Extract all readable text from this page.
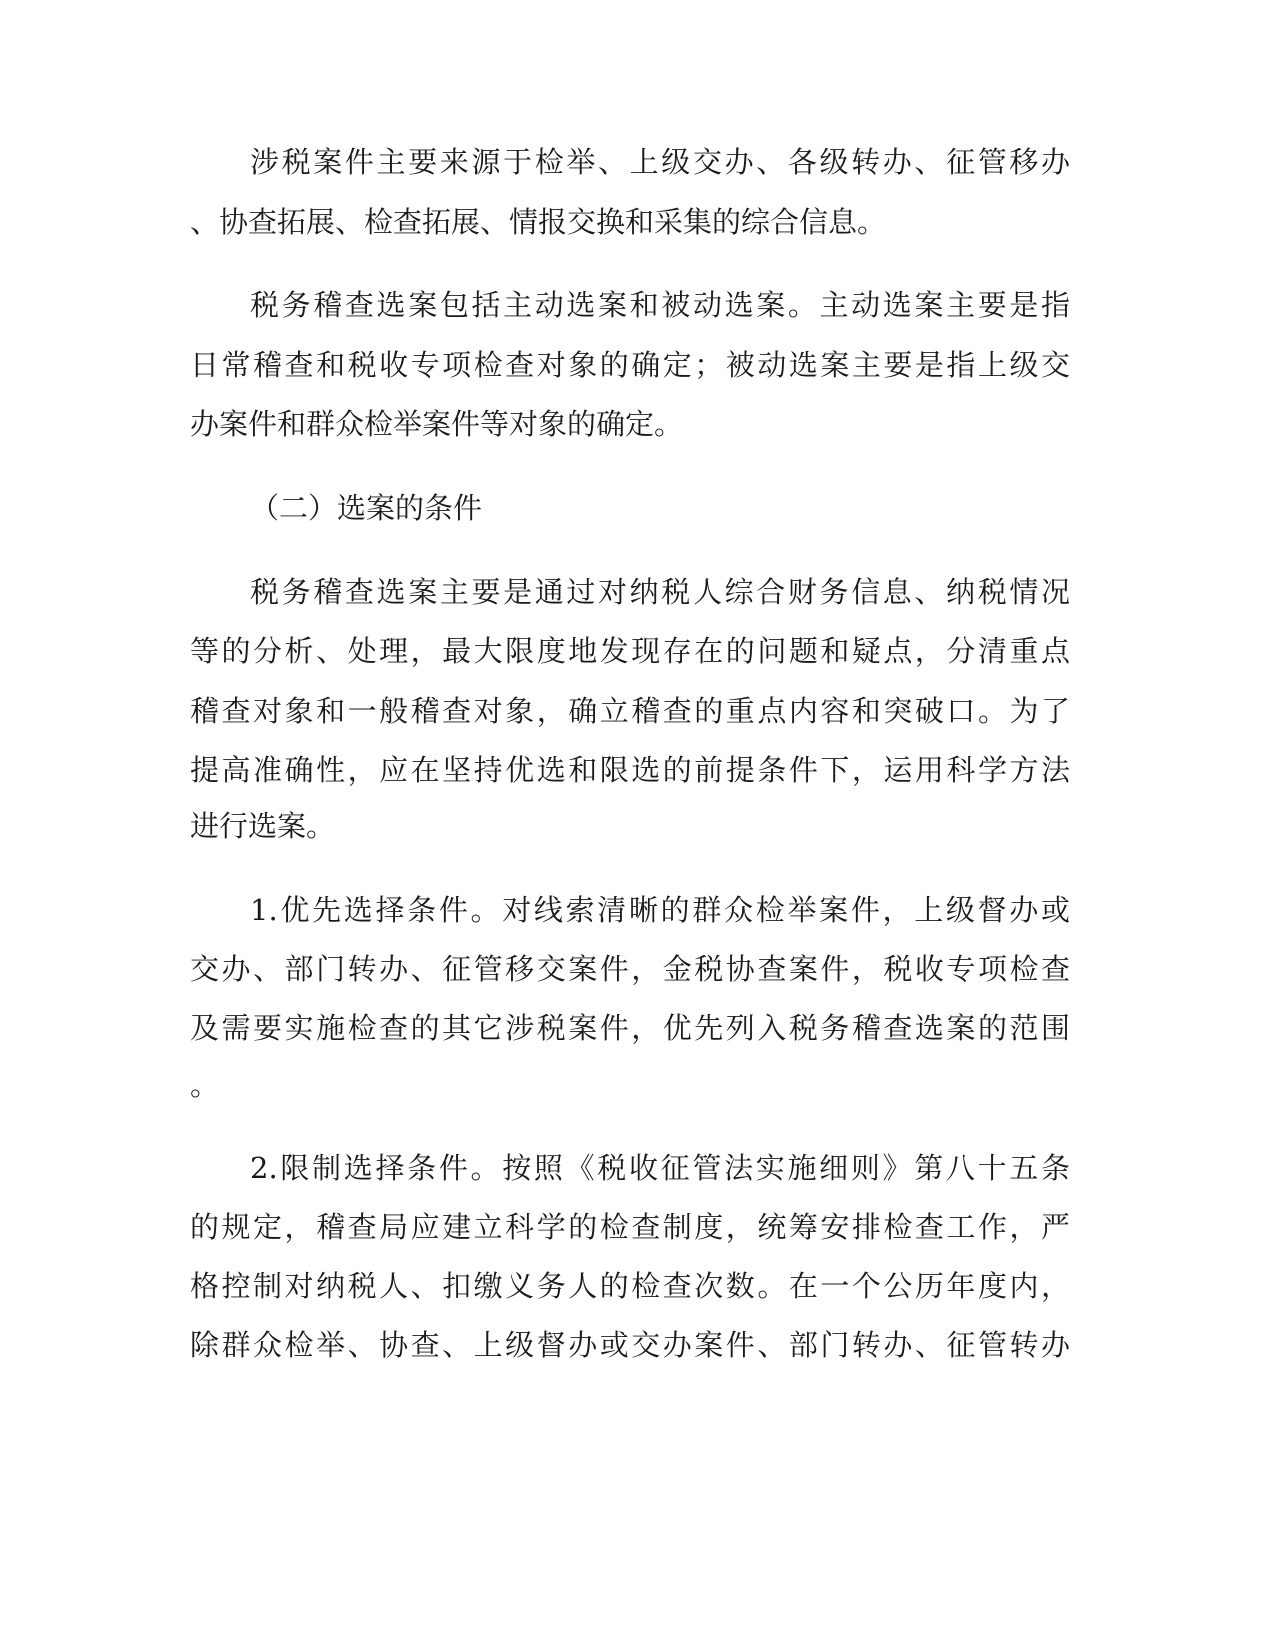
涉税案件主要来源于检举、上级交办、各级转办、征管移办
、协查拓展、检查拓展、情报交换和采集的综合信息。
税务稽查选案包括主动选案和被动选案。主动选案主要是指
日常稽查和税收专项检查对象的确定；被动选案主要是指上级交
办案件和群众检举案件等对象的确定。
（二）选案的条件
税务稽查选案主要是通过对纳税人综合财务信息、纳税情况
等的分析、处理，最大限度地发现存在的问题和疑点，分清重点
稽查对象和一般稽查对象，确立稽查的重点内容和突破口。为了
提高准确性，应在坚持优选和限选的前提条件下，运用科学方法
进行选案。
1.优先选择条件。对线索清晰的群众检举案件，上级督办或
交办、部门转办、征管移交案件，金税协查案件，税收专项检查
及需要实施检查的其它涉税案件，优先列入税务稽查选案的范围
。
2.限制选择条件。按照《税收征管法实施细则》第八十五条
的规定，稽查局应建立科学的检查制度，统筹安排检查工作，严
格控制对纳税人、扣缴义务人的检查次数。在一个公历年度内，
除群众检举、协查、上级督办或交办案件、部门转办、征管转办
